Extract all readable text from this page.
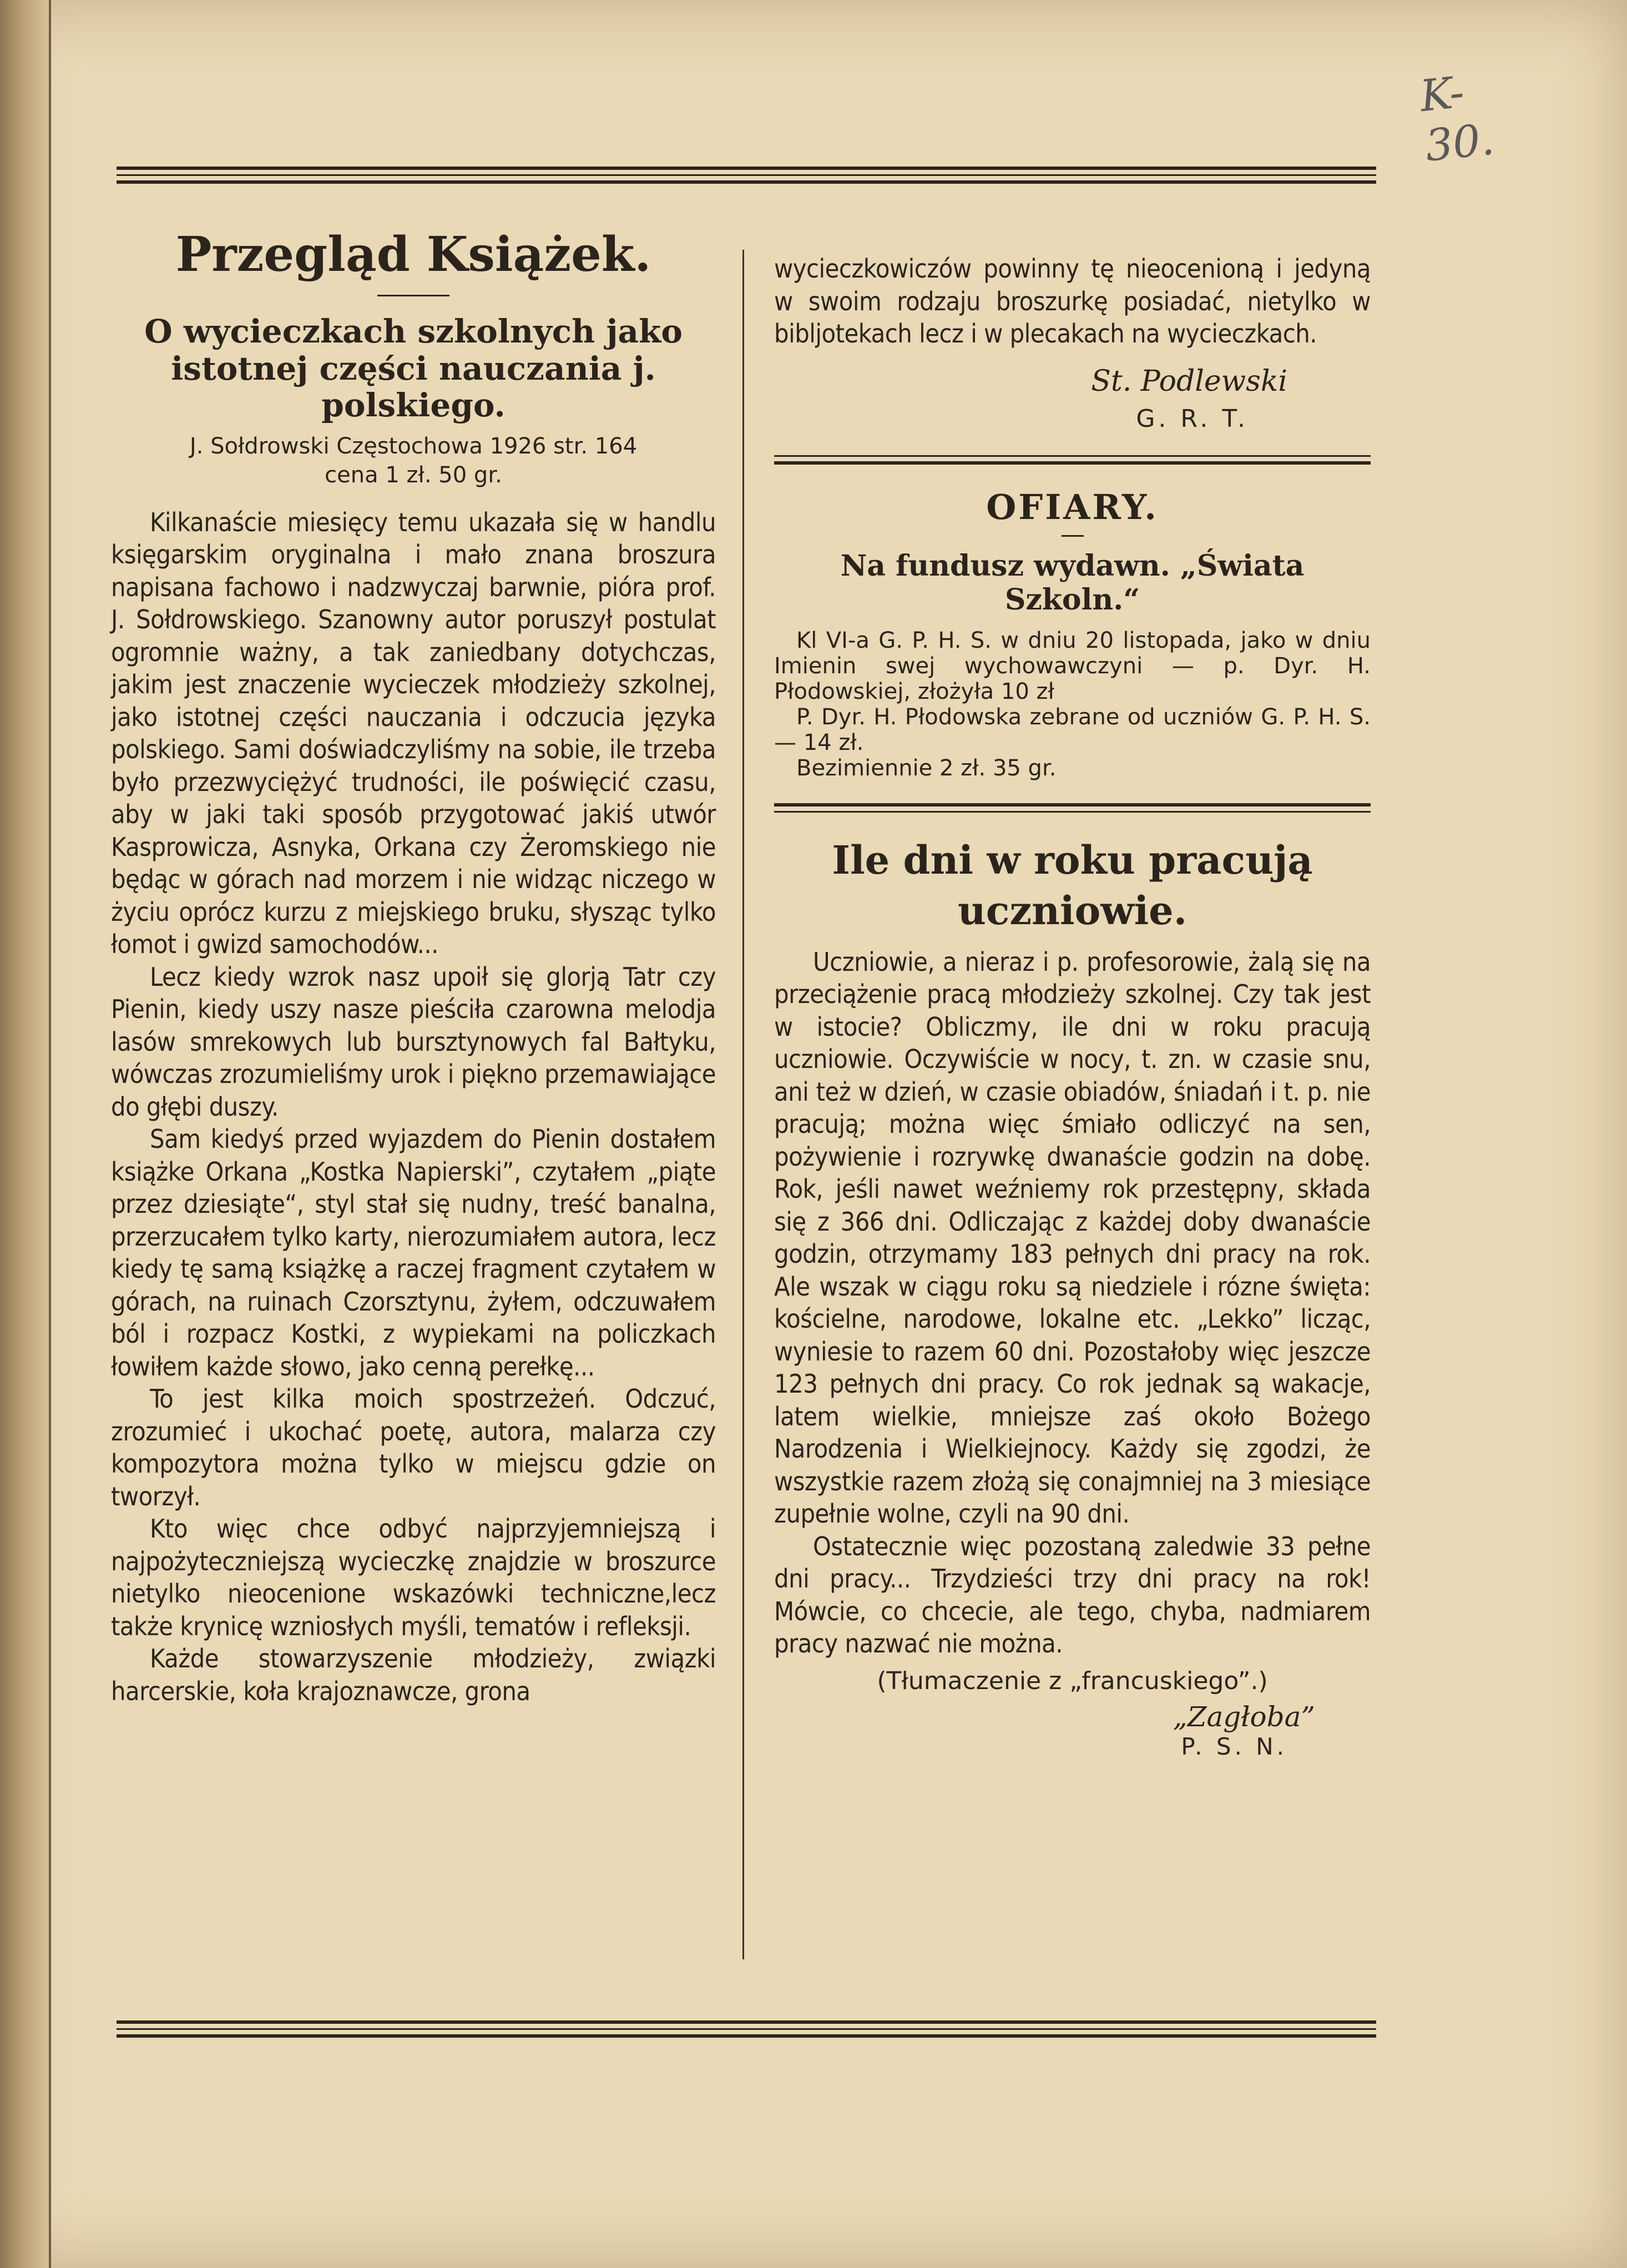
K-30.
Przegląd Książek.
O wycieczkach szkolnych jako istotnej części nauczania j. polskiego.
J. Sołdrowski Częstochowa 1926 str. 164
cena 1 zł. 50 gr.

Kilkanaście miesięcy temu ukazała się w handlu księgarskim oryginalna i mało znana broszura napisana fachowo i nadzwyczaj barwnie, pióra prof. J. Sołdrowskiego. Szanowny autor poruszył postulat ogromnie ważny, a tak zaniedbany dotychczas, jakim jest znaczenie wycieczek młodzieży szkolnej, jako istotnej części nauczania i odczucia języka polskiego. Sami doświadczyliśmy na sobie, ile trzeba było przezwyciężyć trudności, ile poświęcić czasu, aby w jaki taki sposób przygotować jakiś utwór Kasprowicza, Asnyka, Orkana czy Żeromskiego nie będąc w górach nad morzem i nie widząc niczego w życiu oprócz kurzu z miejskiego bruku, słysząc tylko łomot i gwizd samochodów...

Lecz kiedy wzrok nasz upoił się glorją Tatr czy Pienin, kiedy uszy nasze pieściła czarowna melodja lasów smrekowych lub bursztynowych fal Bałtyku, wówczas zrozumieliśmy urok i piękno przemawiające do głębi duszy.

Sam kiedyś przed wyjazdem do Pienin dostałem książke Orkana „Kostka Napierski”, czytałem „piąte przez dziesiąte“, styl stał się nudny, treść banalna, przerzucałem tylko karty, nierozumiałem autora, lecz kiedy tę samą książkę a raczej fragment czytałem w górach, na ruinach Czorsztynu, żyłem, odczuwałem ból i rozpacz Kostki, z wypiekami na policzkach łowiłem każde słowo, jako cenną perełkę...

To jest kilka moich spostrzeżeń. Odczuć, zrozumieć i ukochać poetę, autora, malarza czy kompozytora można tylko w miejscu gdzie on tworzył.

Kto więc chce odbyć najprzyjemniejszą i najpożyteczniejszą wycieczkę znajdzie w broszurce nietylko nieocenione wskazówki techniczne,lecz także krynicę wzniosłych myśli, tematów i refleksji.

Każde stowarzyszenie młodzieży, związki harcerskie, koła krajoznawcze, grona

wycieczkowiczów powinny tę nieocenioną i jedyną w swoim rodzaju broszurkę posiadać, nietylko w bibljotekach lecz i w plecakach na wycieczkach.

St. Podlewski
G. R. T.
OFIARY.
Na fundusz wydawn. „Świata Szkoln.“

Kl VI-a G. P. H. S. w dniu 20 listopada, jako w dniu Imienin swej wychowawczyni — p. Dyr. H. Płodowskiej, złożyła 10 zł

P. Dyr. H. Płodowska zebrane od uczniów G. P. H. S. — 14 zł.

Bezimiennie 2 zł. 35 gr.

Ile dni w roku pracują uczniowie.

Uczniowie, a nieraz i p. profesorowie, żalą się na przeciążenie pracą młodzieży szkolnej. Czy tak jest w istocie? Obliczmy, ile dni w roku pracują uczniowie. Oczywiście w nocy, t. zn. w czasie snu, ani też w dzień, w czasie obiadów, śniadań i t. p. nie pracują; można więc śmiało odliczyć na sen, pożywienie i rozrywkę dwanaście godzin na dobę. Rok, jeśli nawet weźniemy rok przestępny, składa się z 366 dni. Odliczając z każdej doby dwanaście godzin, otrzymamy 183 pełnych dni pracy na rok. Ale wszak w ciągu roku są niedziele i rózne święta: kościelne, narodowe, lokalne etc. „Lekko” licząc, wyniesie to razem 60 dni. Pozostałoby więc jeszcze 123 pełnych dni pracy. Co rok jednak są wakacje, latem wielkie, mniejsze zaś około Bożego Narodzenia i Wielkiejnocy. Każdy się zgodzi, że wszystkie razem złożą się conajmniej na 3 miesiące zupełnie wolne, czyli na 90 dni.

Ostatecznie więc pozostaną zaledwie 33 pełne dni pracy... Trzydzieści trzy dni pracy na rok! Mówcie, co chcecie, ale tego, chyba, nadmiarem pracy nazwać nie można.

(Tłumaczenie z „francuskiego”.)
„Zagłoba”
P. S. N.
